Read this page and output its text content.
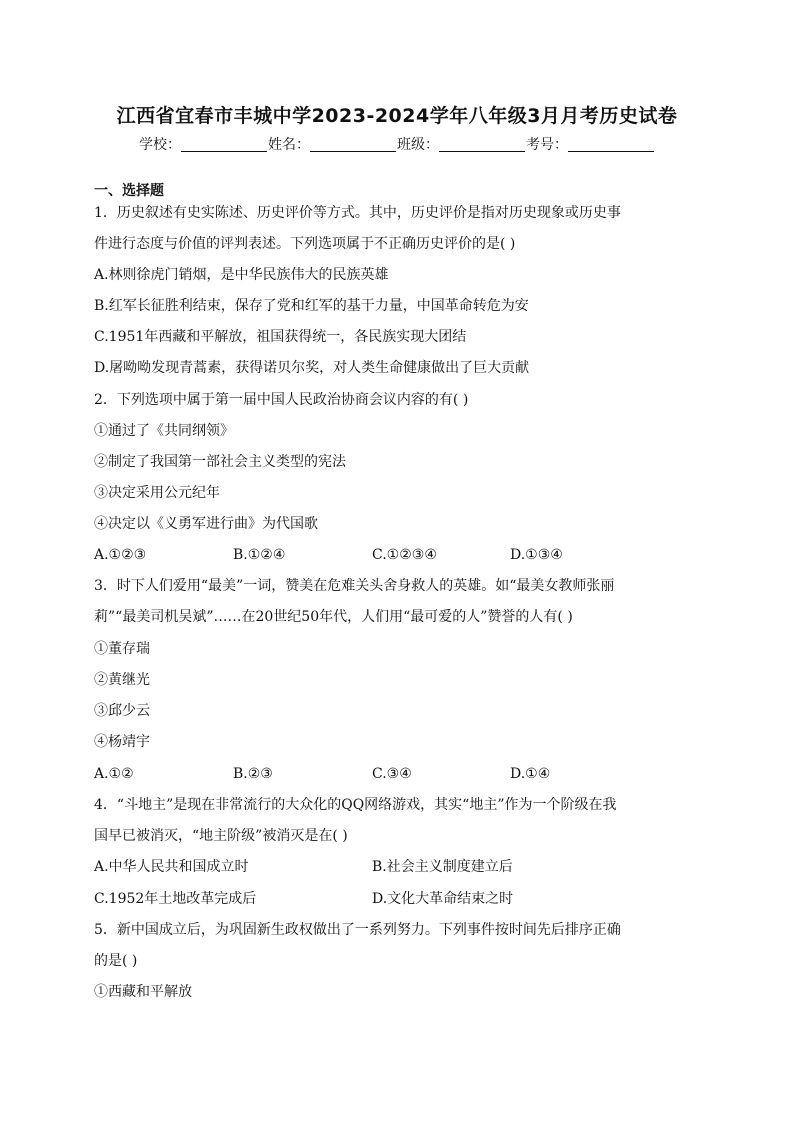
江西省宜春市丰城中学2023-2024学年八年级3月月考历史试卷
学校：	姓名：	班级：	考号：
一、选择题
1．历史叙述有史实陈述、历史评价等方式。其中，历史评价是指对历史现象或历史事
件进行态度与价值的评判表述。下列选项属于不正确历史评价的是( )
A.林则徐虎门销烟，是中华民族伟大的民族英雄
B.红军长征胜利结束，保存了党和红军的基干力量，中国革命转危为安
C.1951年西藏和平解放，祖国获得统一，各民族实现大团结
D.屠呦呦发现青蒿素，获得诺贝尔奖，对人类生命健康做出了巨大贡献
2．下列选项中属于第一届中国人民政治协商会议内容的有( )
①通过了《共同纲领》
②制定了我国第一部社会主义类型的宪法
③决定采用公元纪年
④决定以《义勇军进行曲》为代国歌
A.①②③	B.①②④	C.①②③④	D.①③④
3．时下人们爱用“最美”一词，赞美在危难关头舍身救人的英雄。如“最美女教师张丽
莉”“最美司机吴斌”……在20世纪50年代，人们用“最可爱的人”赞誉的人有( )
①董存瑞
②黄继光
③邱少云
④杨靖宇
A.①②	B.②③	C.③④	D.①④
4．“斗地主”是现在非常流行的大众化的QQ网络游戏，其实“地主”作为一个阶级在我
国早已被消灭，“地主阶级”被消灭是在( )
A.中华人民共和国成立时	B.社会主义制度建立后
C.1952年土地改革完成后	D.文化大革命结束之时
5．新中国成立后，为巩固新生政权做出了一系列努力。下列事件按时间先后排序正确
的是( )
①西藏和平解放
